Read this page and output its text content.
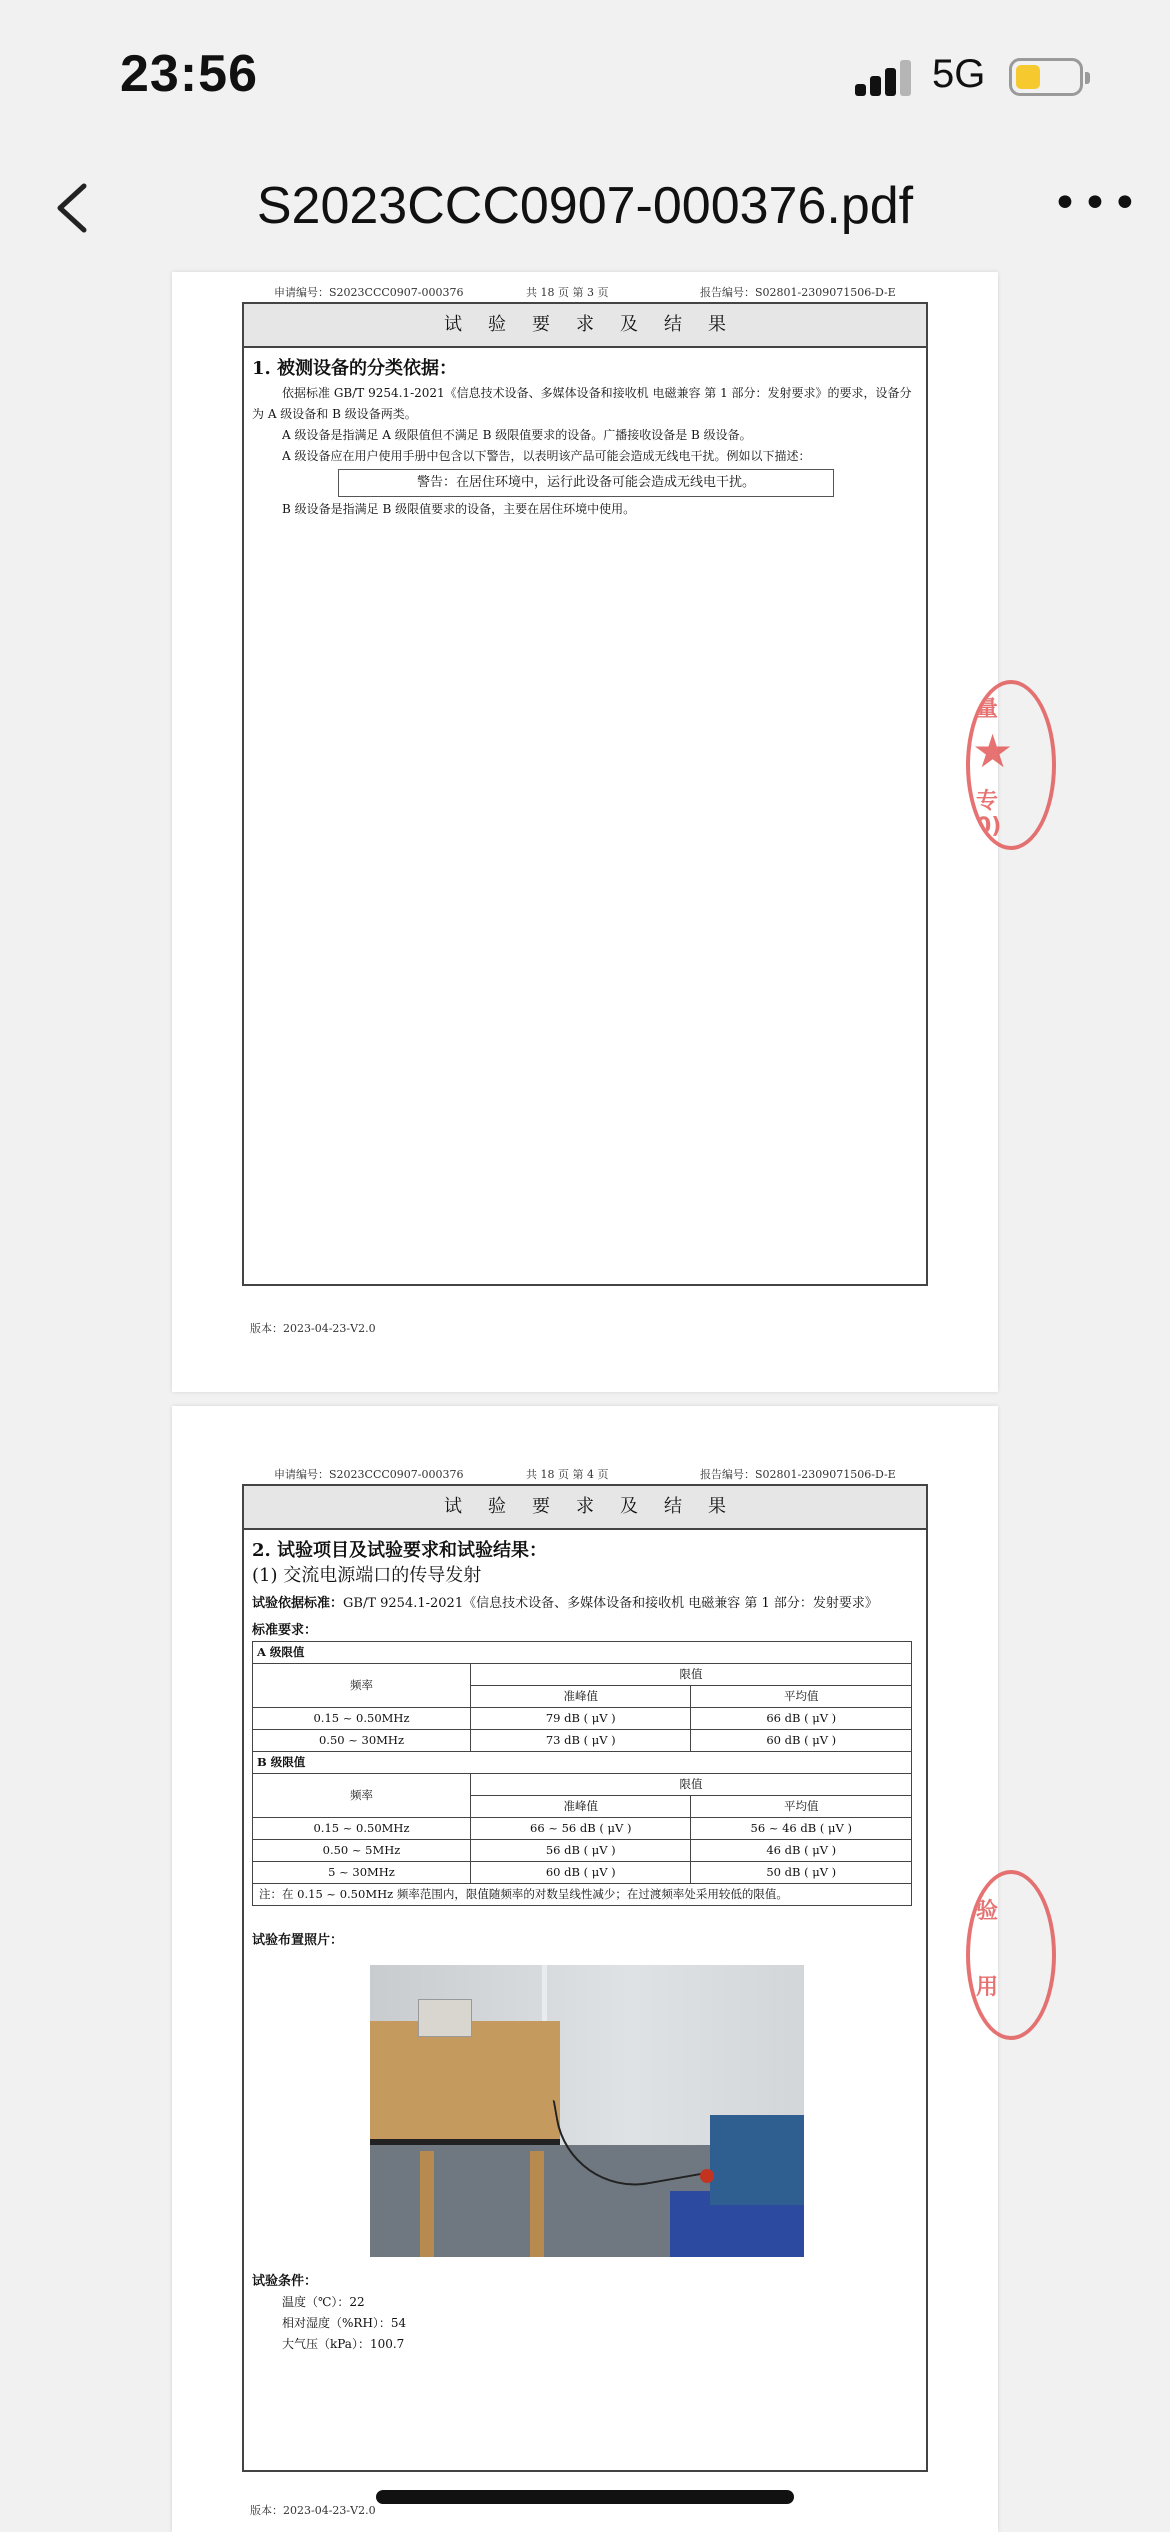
23:56	5G
S2023CCC0907-000376.pdf	•••
申请编号：S2023CCC0907-000376	共 18 页 第 3 页	报告编号：S02801-2309071506-D-E
试验要求及结果
1. 被测设备的分类依据：
依据标准 GB/T 9254.1-2021《信息技术设备、多媒体设备和接收机 电磁兼容 第 1 部分：发射要求》的要求，设备分为 A 级设备和 B 级设备两类。
A 级设备是指满足 A 级限值但不满足 B 级限值要求的设备。广播接收设备是 B 级设备。
A 级设备应在用户使用手册中包含以下警告，以表明该产品可能会造成无线电干扰。例如以下描述：
警告：在居住环境中，运行此设备可能会造成无线电干扰。
B 级设备是指满足 B 级限值要求的设备，主要在居住环境中使用。
版本：2023-04-23-V2.0
申请编号：S2023CCC0907-000376	共 18 页 第 4 页	报告编号：S02801-2309071506-D-E
试验要求及结果
2. 试验项目及试验要求和试验结果：
(1) 交流电源端口的传导发射
试验依据标准：GB/T 9254.1-2021《信息技术设备、多媒体设备和接收机 电磁兼容 第 1 部分：发射要求》
标准要求：
A 级限值		
频率	限值	
	准峰值	平均值
0.15 ~ 0.50MHz	79 dB ( μV )	66 dB ( μV )
0.50 ~ 30MHz	73 dB ( μV )	60 dB ( μV )
B 级限值		
频率	限值	
	准峰值	平均值
0.15 ~ 0.50MHz	66 ~ 56 dB ( μV )	56 ~ 46 dB ( μV )
0.50 ~ 5MHz	56 dB ( μV )	46 dB ( μV )
5 ~ 30MHz	60 dB ( μV )	50 dB ( μV )
注：在 0.15 ~ 0.50MHz 频率范围内，限值随频率的对数呈线性减少；在过渡频率处采用较低的限值。		
试验布置照片：
试验条件：
温度（℃）：22
相对湿度（%RH）：54
大气压（kPa）：100.7
版本：2023-04-23-V2.0
量
★
专
0)
验
用
